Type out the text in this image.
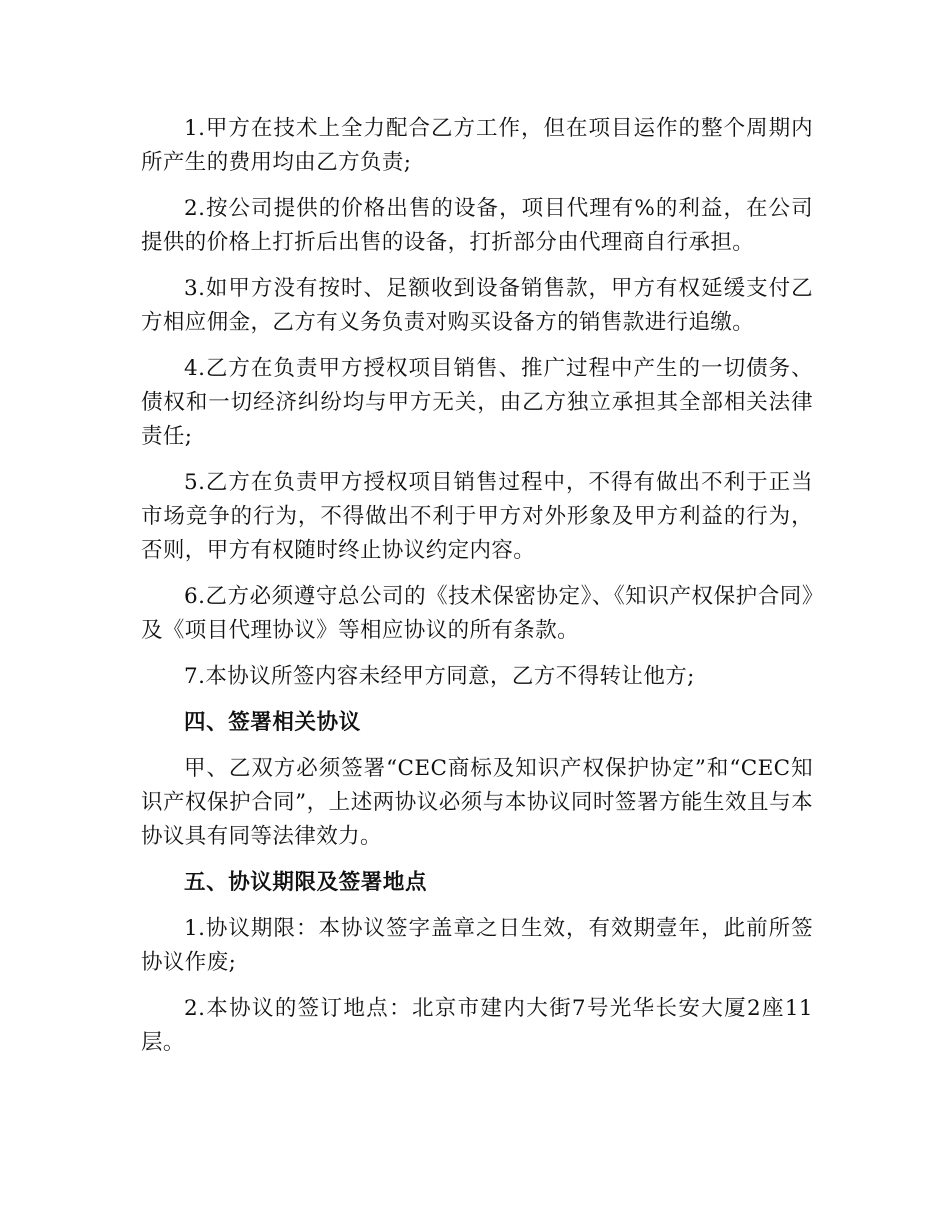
1.甲方在技术上全力配合乙方工作，但在项目运作的整个周期内所产生的费用均由乙方负责;

2.按公司提供的价格出售的设备，项目代理有%的利益，在公司提供的价格上打折后出售的设备，打折部分由代理商自行承担。

3.如甲方没有按时、足额收到设备销售款，甲方有权延缓支付乙方相应佣金，乙方有义务负责对购买设备方的销售款进行追缴。

4.乙方在负责甲方授权项目销售、推广过程中产生的一切债务、债权和一切经济纠纷均与甲方无关，由乙方独立承担其全部相关法律责任;

5.乙方在负责甲方授权项目销售过程中，不得有做出不利于正当市场竞争的行为，不得做出不利于甲方对外形象及甲方利益的行为，否则，甲方有权随时终止协议约定内容。

6.乙方必须遵守总公司的《技术保密协定》、《知识产权保护合同》及《项目代理协议》等相应协议的所有条款。

7.本协议所签内容未经甲方同意，乙方不得转让他方;

四、签署相关协议

甲、乙双方必须签署“CEC商标及知识产权保护协定”和“CEC知识产权保护合同”，上述两协议必须与本协议同时签署方能生效且与本协议具有同等法律效力。

五、协议期限及签署地点

1.协议期限：本协议签字盖章之日生效，有效期壹年，此前所签协议作废;

2.本协议的签订地点：北京市建内大街7号光华长安大厦2座11层。
